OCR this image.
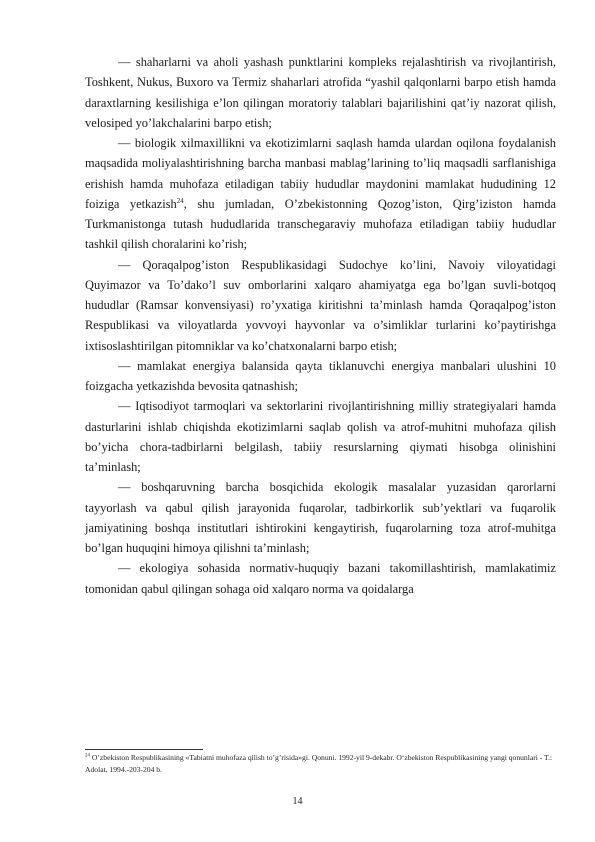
— shaharlarni va aholi yashash punktlarini kompleks rejalashtirish va rivojlantirish, Toshkent, Nukus, Buxoro va Termiz shaharlari atrofida “yashil qalqonlarni barpo etish hamda daraxtlarning kesilishiga e’lon qilingan moratoriy talablari bajarilishini qat’iy nazorat qilish, velosiped yo’lakchalarini barpo etish;

— biologik xilmaxillikni va ekotizimlarni saqlash hamda ulardan oqilona foydalanish maqsadida moliyalashtirishning barcha manbasi mablag’larining to’liq maqsadli sarflanishiga erishish hamda muhofaza etiladigan tabiiy hududlar maydonini mamlakat hududining 12 foiziga yetkazish$^{24}$, shu jumladan, O’zbekistonning Qozog’iston, Qirg’iziston hamda Turkmanistonga tutash hududlarida transchegaraviy muhofaza etiladigan tabiiy hududlar tashkil qilish choralarini ko’rish;

— Qoraqalpog’iston Respublikasidagi Sudochye ko’lini, Navoiy viloyatidagi Quyimazor va To’dako’l suv omborlarini xalqaro ahamiyatga ega bo’lgan suvli-botqoq hududlar (Ramsar konvensiyasi) ro’yxatiga kiritishni ta’minlash hamda Qoraqalpog’iston Respublikasi va viloyatlarda yovvoyi hayvonlar va o’simliklar turlarini ko’paytirishga ixtisoslashtirilgan pitomniklar va ko’chatxonalarni barpo etish;

— mamlakat energiya balansida qayta tiklanuvchi energiya manbalari ulushini 10 foizgacha yetkazishda bevosita qatnashish;

— Iqtisodiyot tarmoqlari va sektorlarini rivojlantirishning milliy strategiyalari hamda dasturlarini ishlab chiqishda ekotizimlarni saqlab qolish va atrof-muhitni muhofaza qilish bo’yicha chora-tadbirlarni belgilash, tabiiy resurslarning qiymati hisobga olinishini ta’minlash;

— boshqaruvning barcha bosqichida ekologik masalalar yuzasidan qarorlarni tayyorlash va qabul qilish jarayonida fuqarolar, tadbirkorlik sub’yektlari va fuqarolik jamiyatining boshqa institutlari ishtirokini kengaytirish, fuqarolarning toza atrof-muhitga bo’lgan huquqini himoya qilishni ta’minlash;

— ekologiya sohasida normativ-huquqiy bazani takomillashtirish, mamlakatimiz tomonidan qabul qilingan sohaga oid xalqaro norma va qoidalarga

$^{24}$ O’zbekiston Respublikasining «Tabiatni muhofaza qilish to’g’risida»gi. Qonuni. 1992-yil 9-dekabr. O‘zbekiston Respublikasining yangi qonunlari - T.: Adolat, 1994.-203-204 b.
14
